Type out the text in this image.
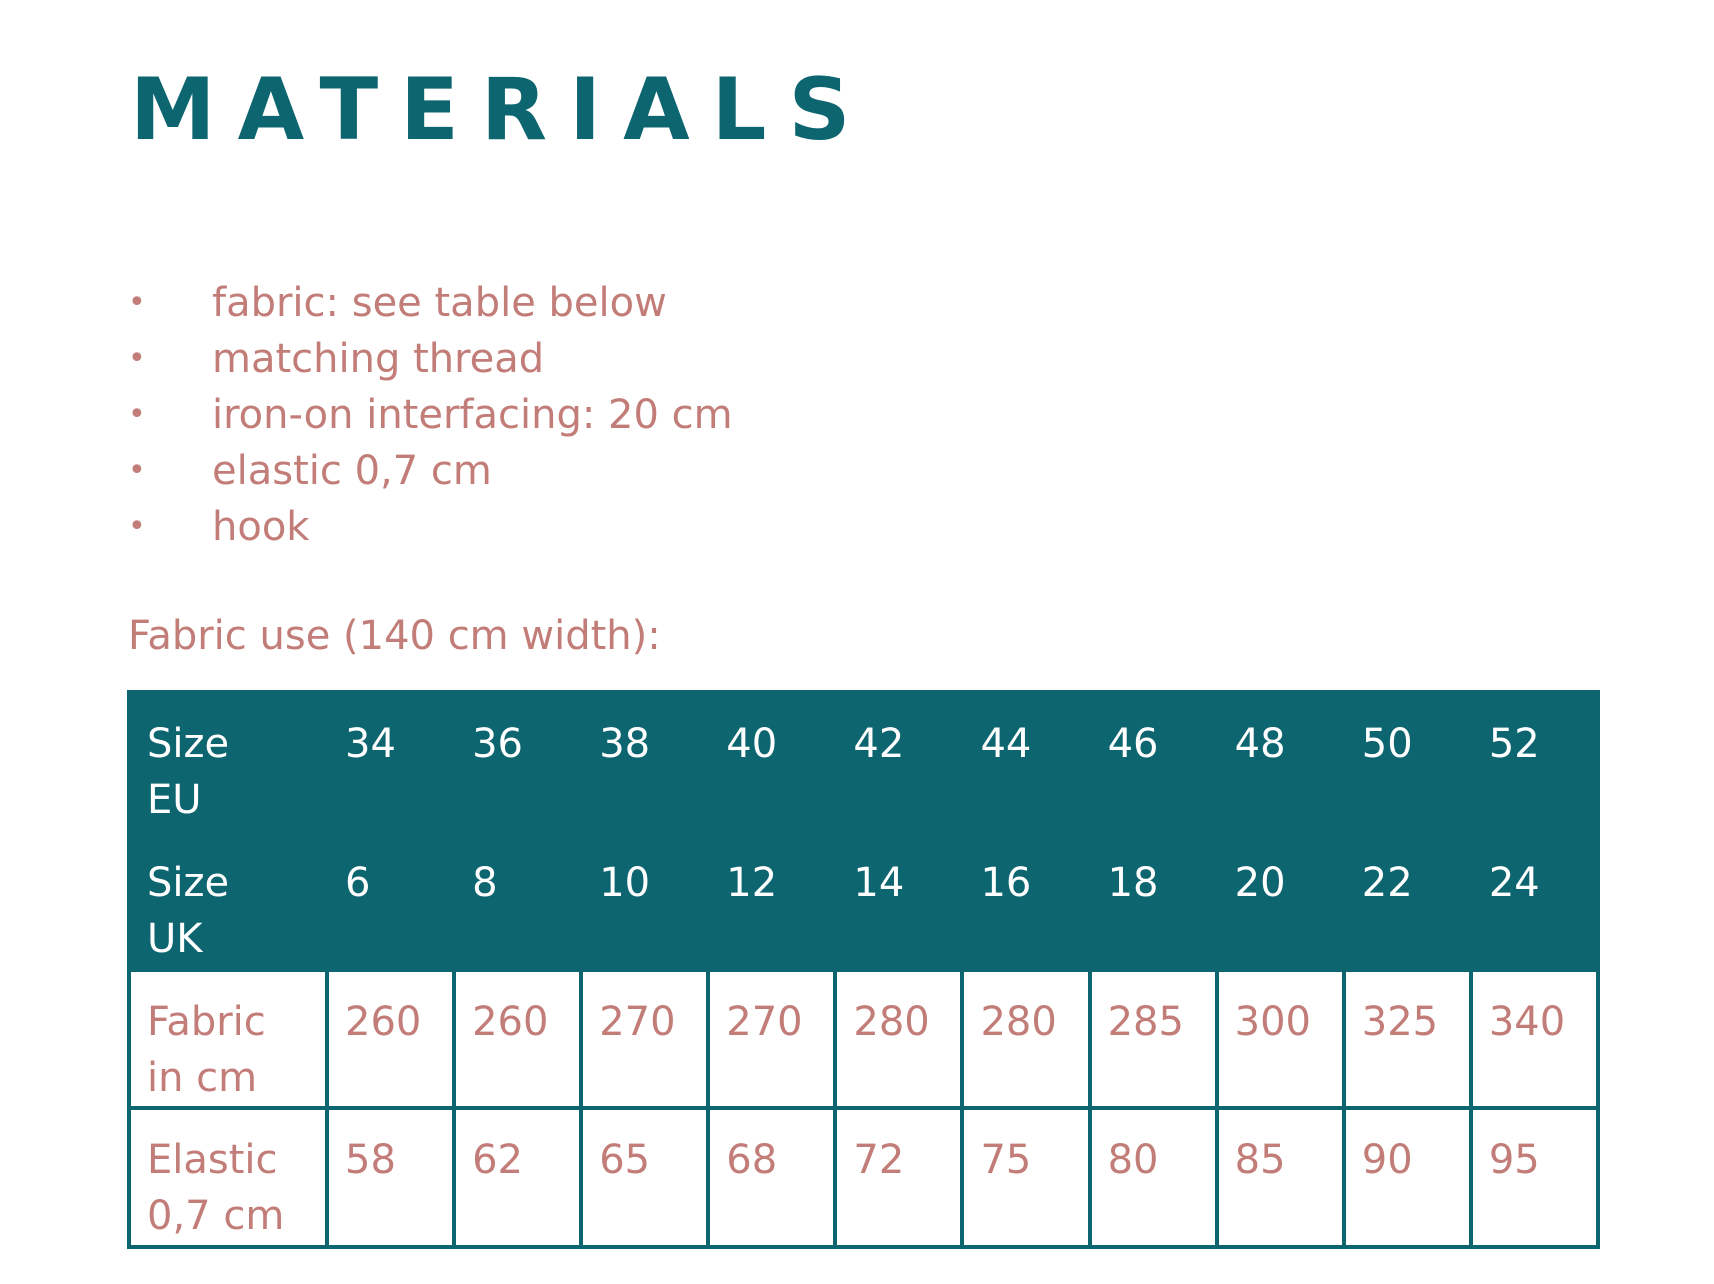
MATERIALS
• fabric: see table below
• matching thread
• iron-on interfacing: 20 cm
• elastic 0,7 cm
• hook
Fabric use (140 cm width):
Size
EU	34	36	38	40	42	44	46	48	50	52
Size
UK	6	8	10	12	14	16	18	20	22	24
Fabric
in cm	260	260	270	270	280	280	285	300	325	340
Elastic
0,7 cm	58	62	65	68	72	75	80	85	90	95
